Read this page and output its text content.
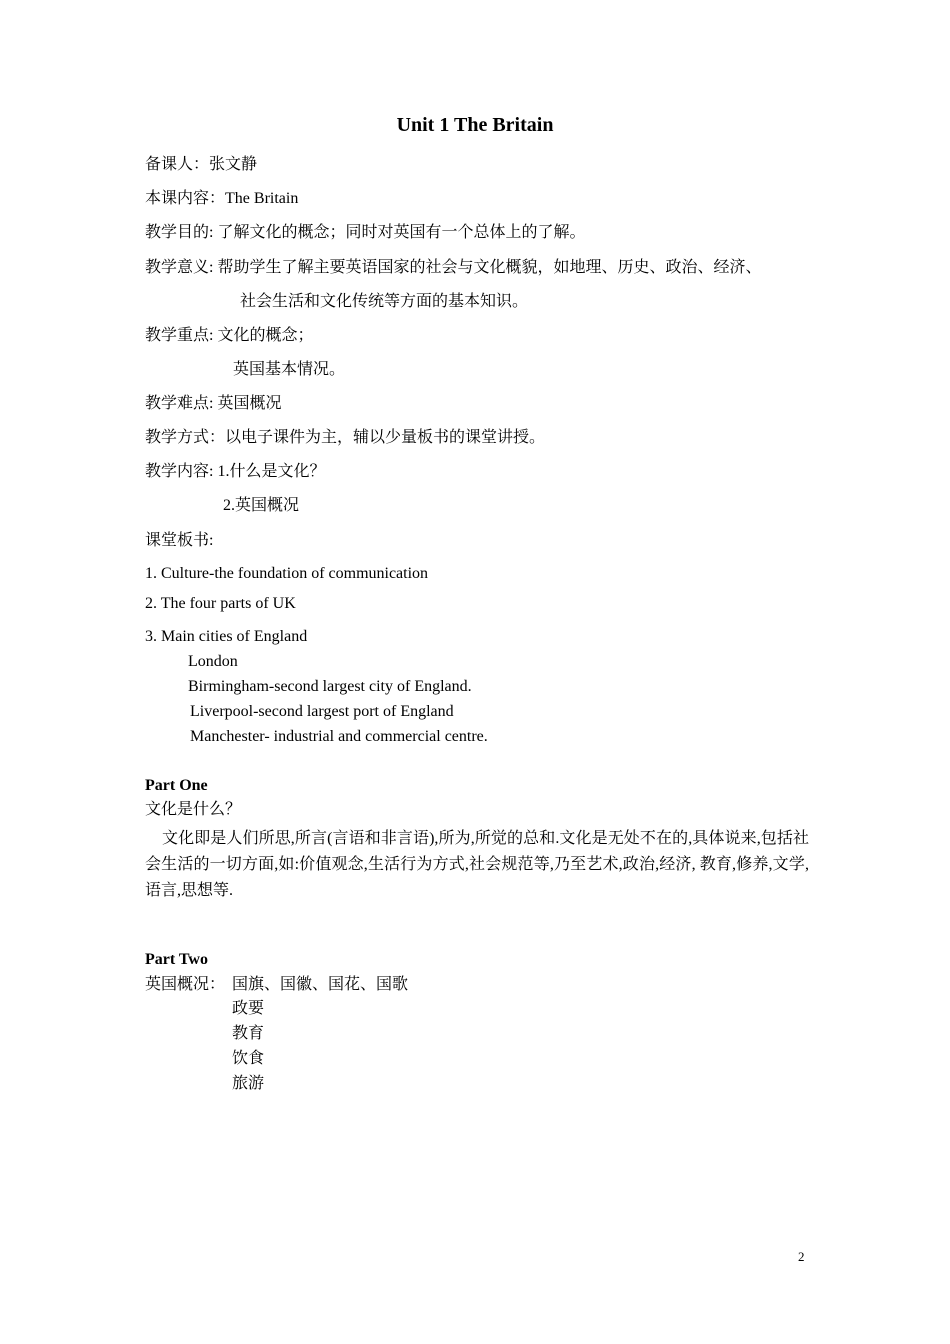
Unit 1 The Britain
备课人：张文静
本课内容：The Britain
教学目的: 了解文化的概念；同时对英国有一个总体上的了解。
教学意义: 帮助学生了解主要英语国家的社会与文化概貌，如地理、历史、政治、经济、
社会生活和文化传统等方面的基本知识。
教学重点: 文化的概念；
英国基本情况。
教学难点: 英国概况
教学方式：以电子课件为主，辅以少量板书的课堂讲授。
教学内容: 1.什么是文化？
2.英国概况
课堂板书:
1. Culture-the foundation of communication
2. The four parts of UK
3. Main cities of England
London
Birmingham-second largest city of England.
Liverpool-second largest port of England
Manchester- industrial and commercial centre.
Part One
文化是什么？
文化即是人们所思,所言(言语和非言语),所为,所觉的总和.文化是无处不在的,具体说来,包括社会生活的一切方面,如:价值观念,生活行为方式,社会规范等,乃至艺术,政治,经济, 教育,修养,文学,语言,思想等.
Part Two
英国概况： 国旗、国徽、国花、国歌
政要
教育
饮食
旅游
2
